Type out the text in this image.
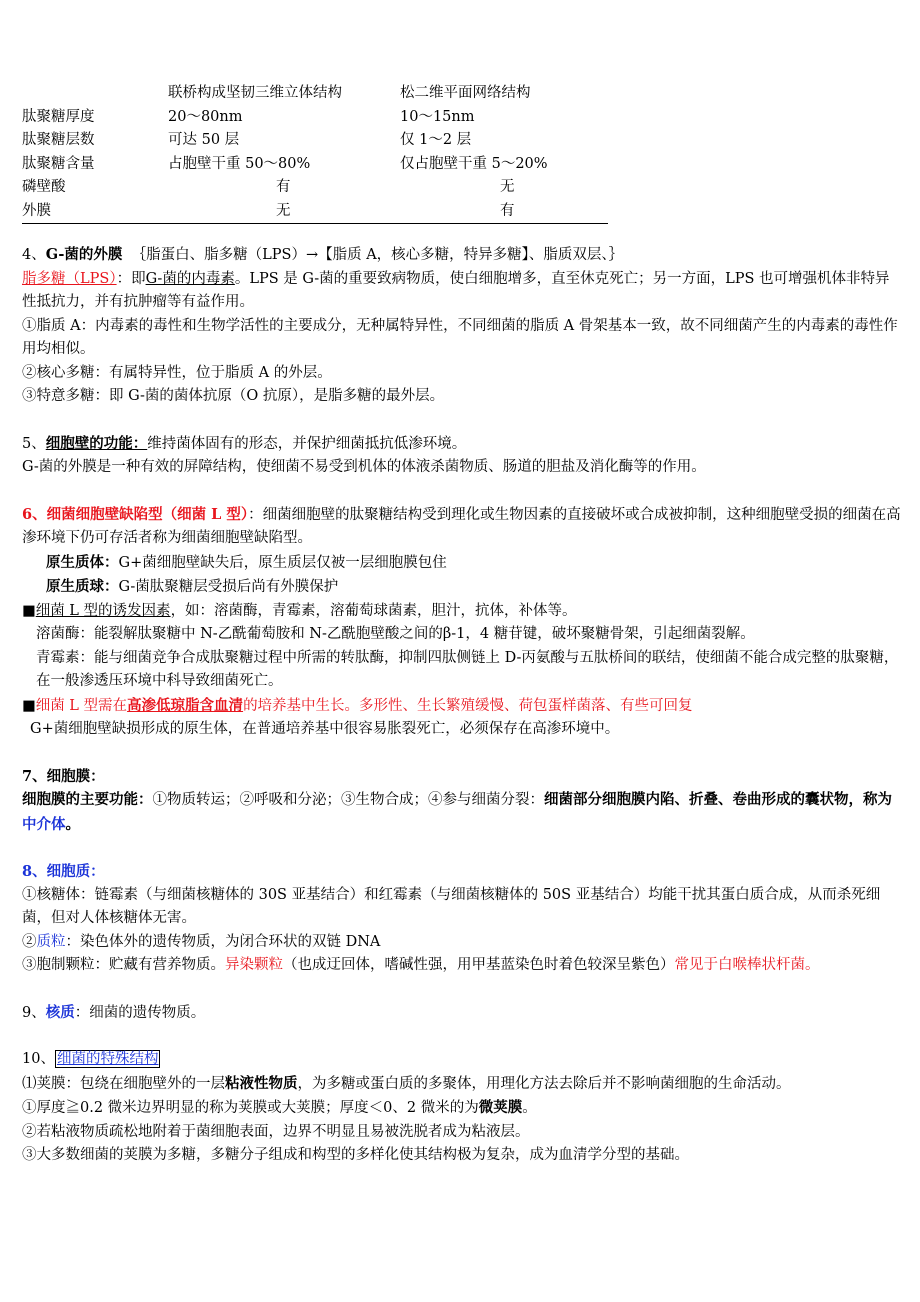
	联桥构成坚韧三维立体结构	松二维平面网络结构
肽聚糖厚度	20～80nm	10～15nm
肽聚糖层数	可达 50 层	仅 1～2 层
肽聚糖含量	占胞壁干重 50～80%	仅占胞壁干重 5～20%
磷壁酸	有	无
外膜	无	有

4、G-菌的外膜 ｛脂蛋白、脂多糖（LPS）→【脂质 A，核心多糖，特异多糖】、脂质双层、｝

脂多糖（LPS）：即G-菌的内毒素。LPS 是 G-菌的重要致病物质，使白细胞增多，直至休克死亡；另一方面，LPS 也可增强机体非特异性抵抗力，并有抗肿瘤等有益作用。

①脂质 A：内毒素的毒性和生物学活性的主要成分，无种属特异性，不同细菌的脂质 A 骨架基本一致，故不同细菌产生的内毒素的毒性作用均相似。

②核心多糖：有属特异性，位于脂质 A 的外层。

③特意多糖：即 G-菌的菌体抗原（O 抗原），是脂多糖的最外层。

5、细胞壁的功能：维持菌体固有的形态，并保护细菌抵抗低渗环境。

G-菌的外膜是一种有效的屏障结构，使细菌不易受到机体的体液杀菌物质、肠道的胆盐及消化酶等的作用。

6、细菌细胞壁缺陷型（细菌 L 型）：细菌细胞壁的肽聚糖结构受到理化或生物因素的直接破坏或合成被抑制，这种细胞壁受损的细菌在高渗环境下仍可存活者称为细菌细胞壁缺陷型。

原生质体：G+菌细胞壁缺失后，原生质层仅被一层细胞膜包住

原生质球：G-菌肽聚糖层受损后尚有外膜保护

■细菌 L 型的诱发因素，如：溶菌酶，青霉素，溶葡萄球菌素，胆汁，抗体，补体等。

溶菌酶：能裂解肽聚糖中 N-乙酰葡萄胺和 N-乙酰胞壁酸之间的β-1，4 糖苷键，破坏聚糖骨架，引起细菌裂解。

青霉素：能与细菌竞争合成肽聚糖过程中所需的转肽酶，抑制四肽侧链上 D-丙氨酸与五肽桥间的联结，使细菌不能合成完整的肽聚糖，在一般渗透压环境中科导致细菌死亡。

■细菌 L 型需在高渗低琼脂含血清的培养基中生长。多形性、生长繁殖缓慢、荷包蛋样菌落、有些可回复

G+菌细胞壁缺损形成的原生体，在普通培养基中很容易胀裂死亡，必须保存在高渗环境中。

7、细胞膜：

细胞膜的主要功能：①物质转运；②呼吸和分泌；③生物合成；④参与细菌分裂：细菌部分细胞膜内陷、折叠、卷曲形成的囊状物，称为中介体。

8、细胞质：

①核糖体：链霉素（与细菌核糖体的 30S 亚基结合）和红霉素（与细菌核糖体的 50S 亚基结合）均能干扰其蛋白质合成，从而杀死细菌，但对人体核糖体无害。

②质粒：染色体外的遗传物质，为闭合环状的双链 DNA

③胞制颗粒：贮藏有营养物质。异染颗粒（也成迂回体，嗜碱性强，用甲基蓝染色时着色较深呈紫色）常见于白喉棒状杆菌。

9、核质：细菌的遗传物质。

10、 细菌的特殊结构

⑴荚膜：包绕在细胞壁外的一层粘液性物质，为多糖或蛋白质的多聚体，用理化方法去除后并不影响菌细胞的生命活动。

①厚度≧0.2 微米边界明显的称为荚膜或大荚膜；厚度＜0、2 微米的为微荚膜。

②若粘液物质疏松地附着于菌细胞表面，边界不明显且易被洗脱者成为粘液层。

③大多数细菌的荚膜为多糖，多糖分子组成和构型的多样化使其结构极为复杂，成为血清学分型的基础。
